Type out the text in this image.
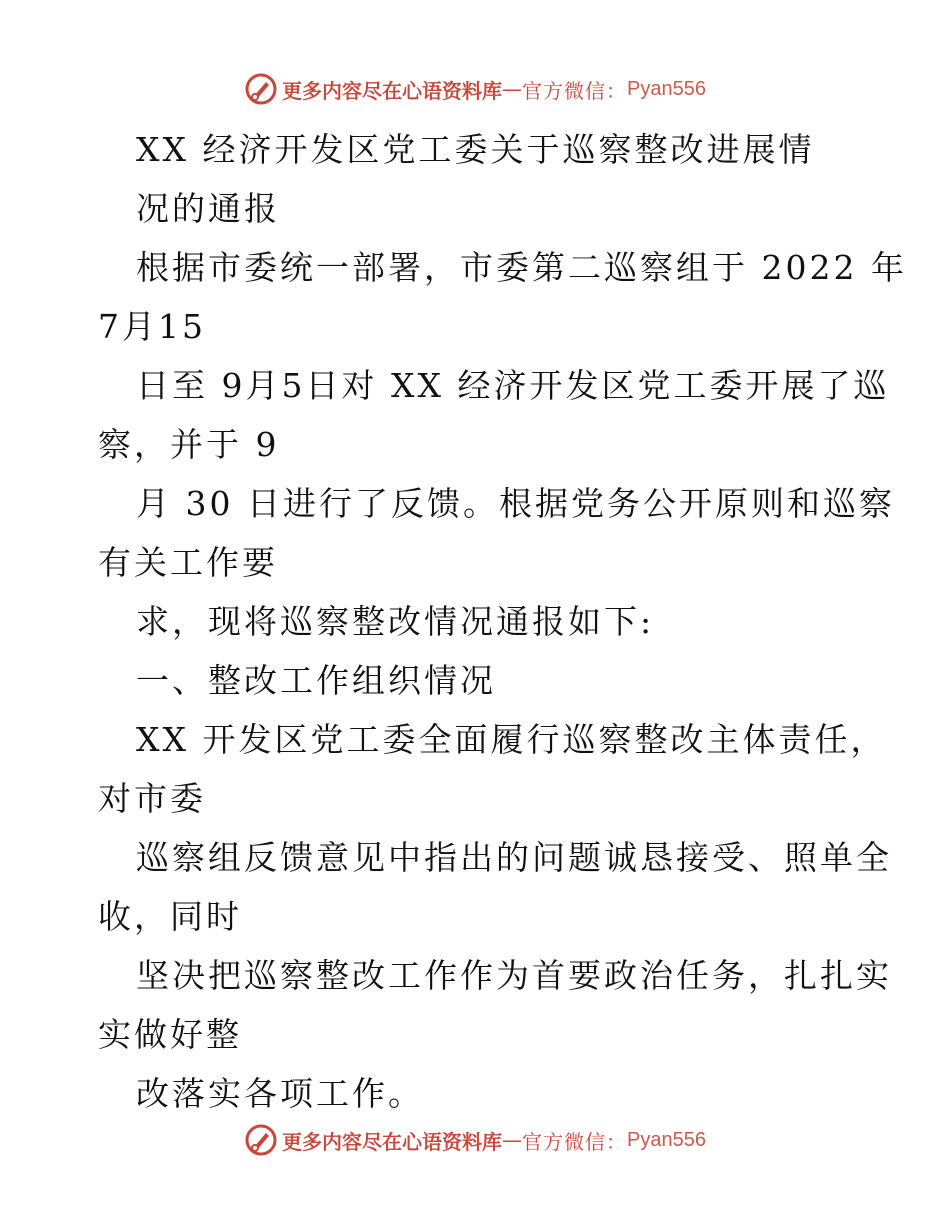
更多内容尽在心语资料库 — 官方微信： Pyan556
XX 经济开发区党工委关于巡察整改进展情
况的通报
根据市委统一部署，市委第二巡察组于 2022 年
7月15
日至 9月5日对 XX 经济开发区党工委开展了巡
察，并于 9
月 30 日进行了反馈。根据党务公开原则和巡察
有关工作要
求，现将巡察整改情况通报如下:
一、整改工作组织情况
XX 开发区党工委全面履行巡察整改主体责任，
对市委
巡察组反馈意见中指出的问题诚恳接受、照单全
收，同时
坚决把巡察整改工作作为首要政治任务，扎扎实
实做好整
改落实各项工作。
更多内容尽在心语资料库 — 官方微信： Pyan556
